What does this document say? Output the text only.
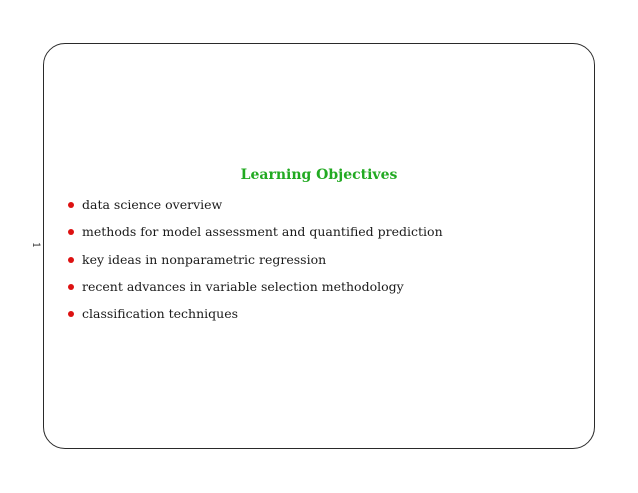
1
Learning Objectives
data science overview
methods for model assessment and quantified prediction
key ideas in nonparametric regression
recent advances in variable selection methodology
classification techniques
